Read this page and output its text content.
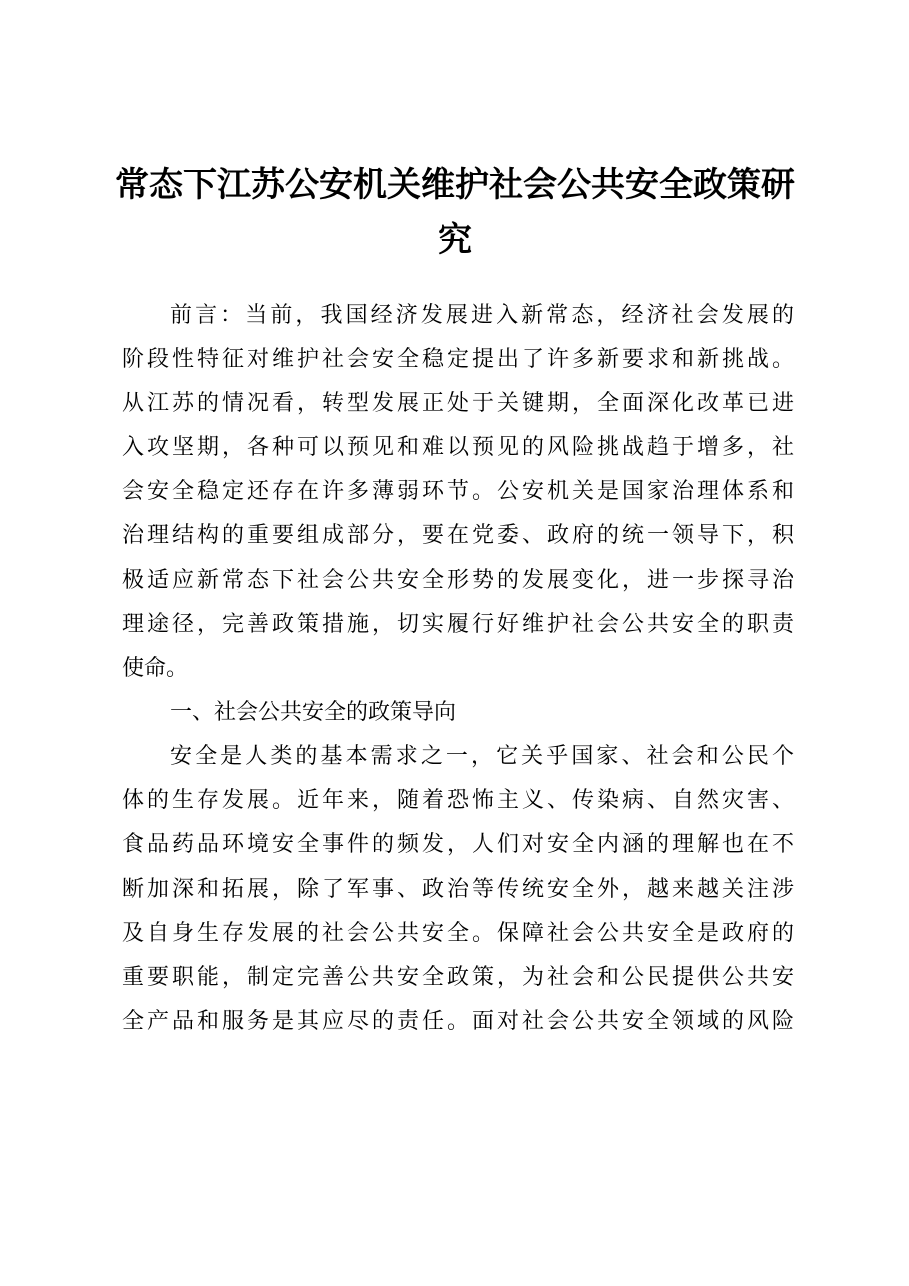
常态下江苏公安机关维护社会公共安全政策研
究
前言：当前，我国经济发展进入新常态，经济社会发展的
阶段性特征对维护社会安全稳定提出了许多新要求和新挑战。
从江苏的情况看，转型发展正处于关键期，全面深化改革已进
入攻坚期，各种可以预见和难以预见的风险挑战趋于增多，社
会安全稳定还存在许多薄弱环节。公安机关是国家治理体系和
治理结构的重要组成部分，要在党委、政府的统一领导下，积
极适应新常态下社会公共安全形势的发展变化，进一步探寻治
理途径，完善政策措施，切实履行好维护社会公共安全的职责
使命。
一、社会公共安全的政策导向
安全是人类的基本需求之一，它关乎国家、社会和公民个
体的生存发展。近年来，随着恐怖主义、传染病、自然灾害、
食品药品环境安全事件的频发，人们对安全内涵的理解也在不
断加深和拓展，除了军事、政治等传统安全外，越来越关注涉
及自身生存发展的社会公共安全。保障社会公共安全是政府的
重要职能，制定完善公共安全政策，为社会和公民提供公共安
全产品和服务是其应尽的责任。面对社会公共安全领域的风险
